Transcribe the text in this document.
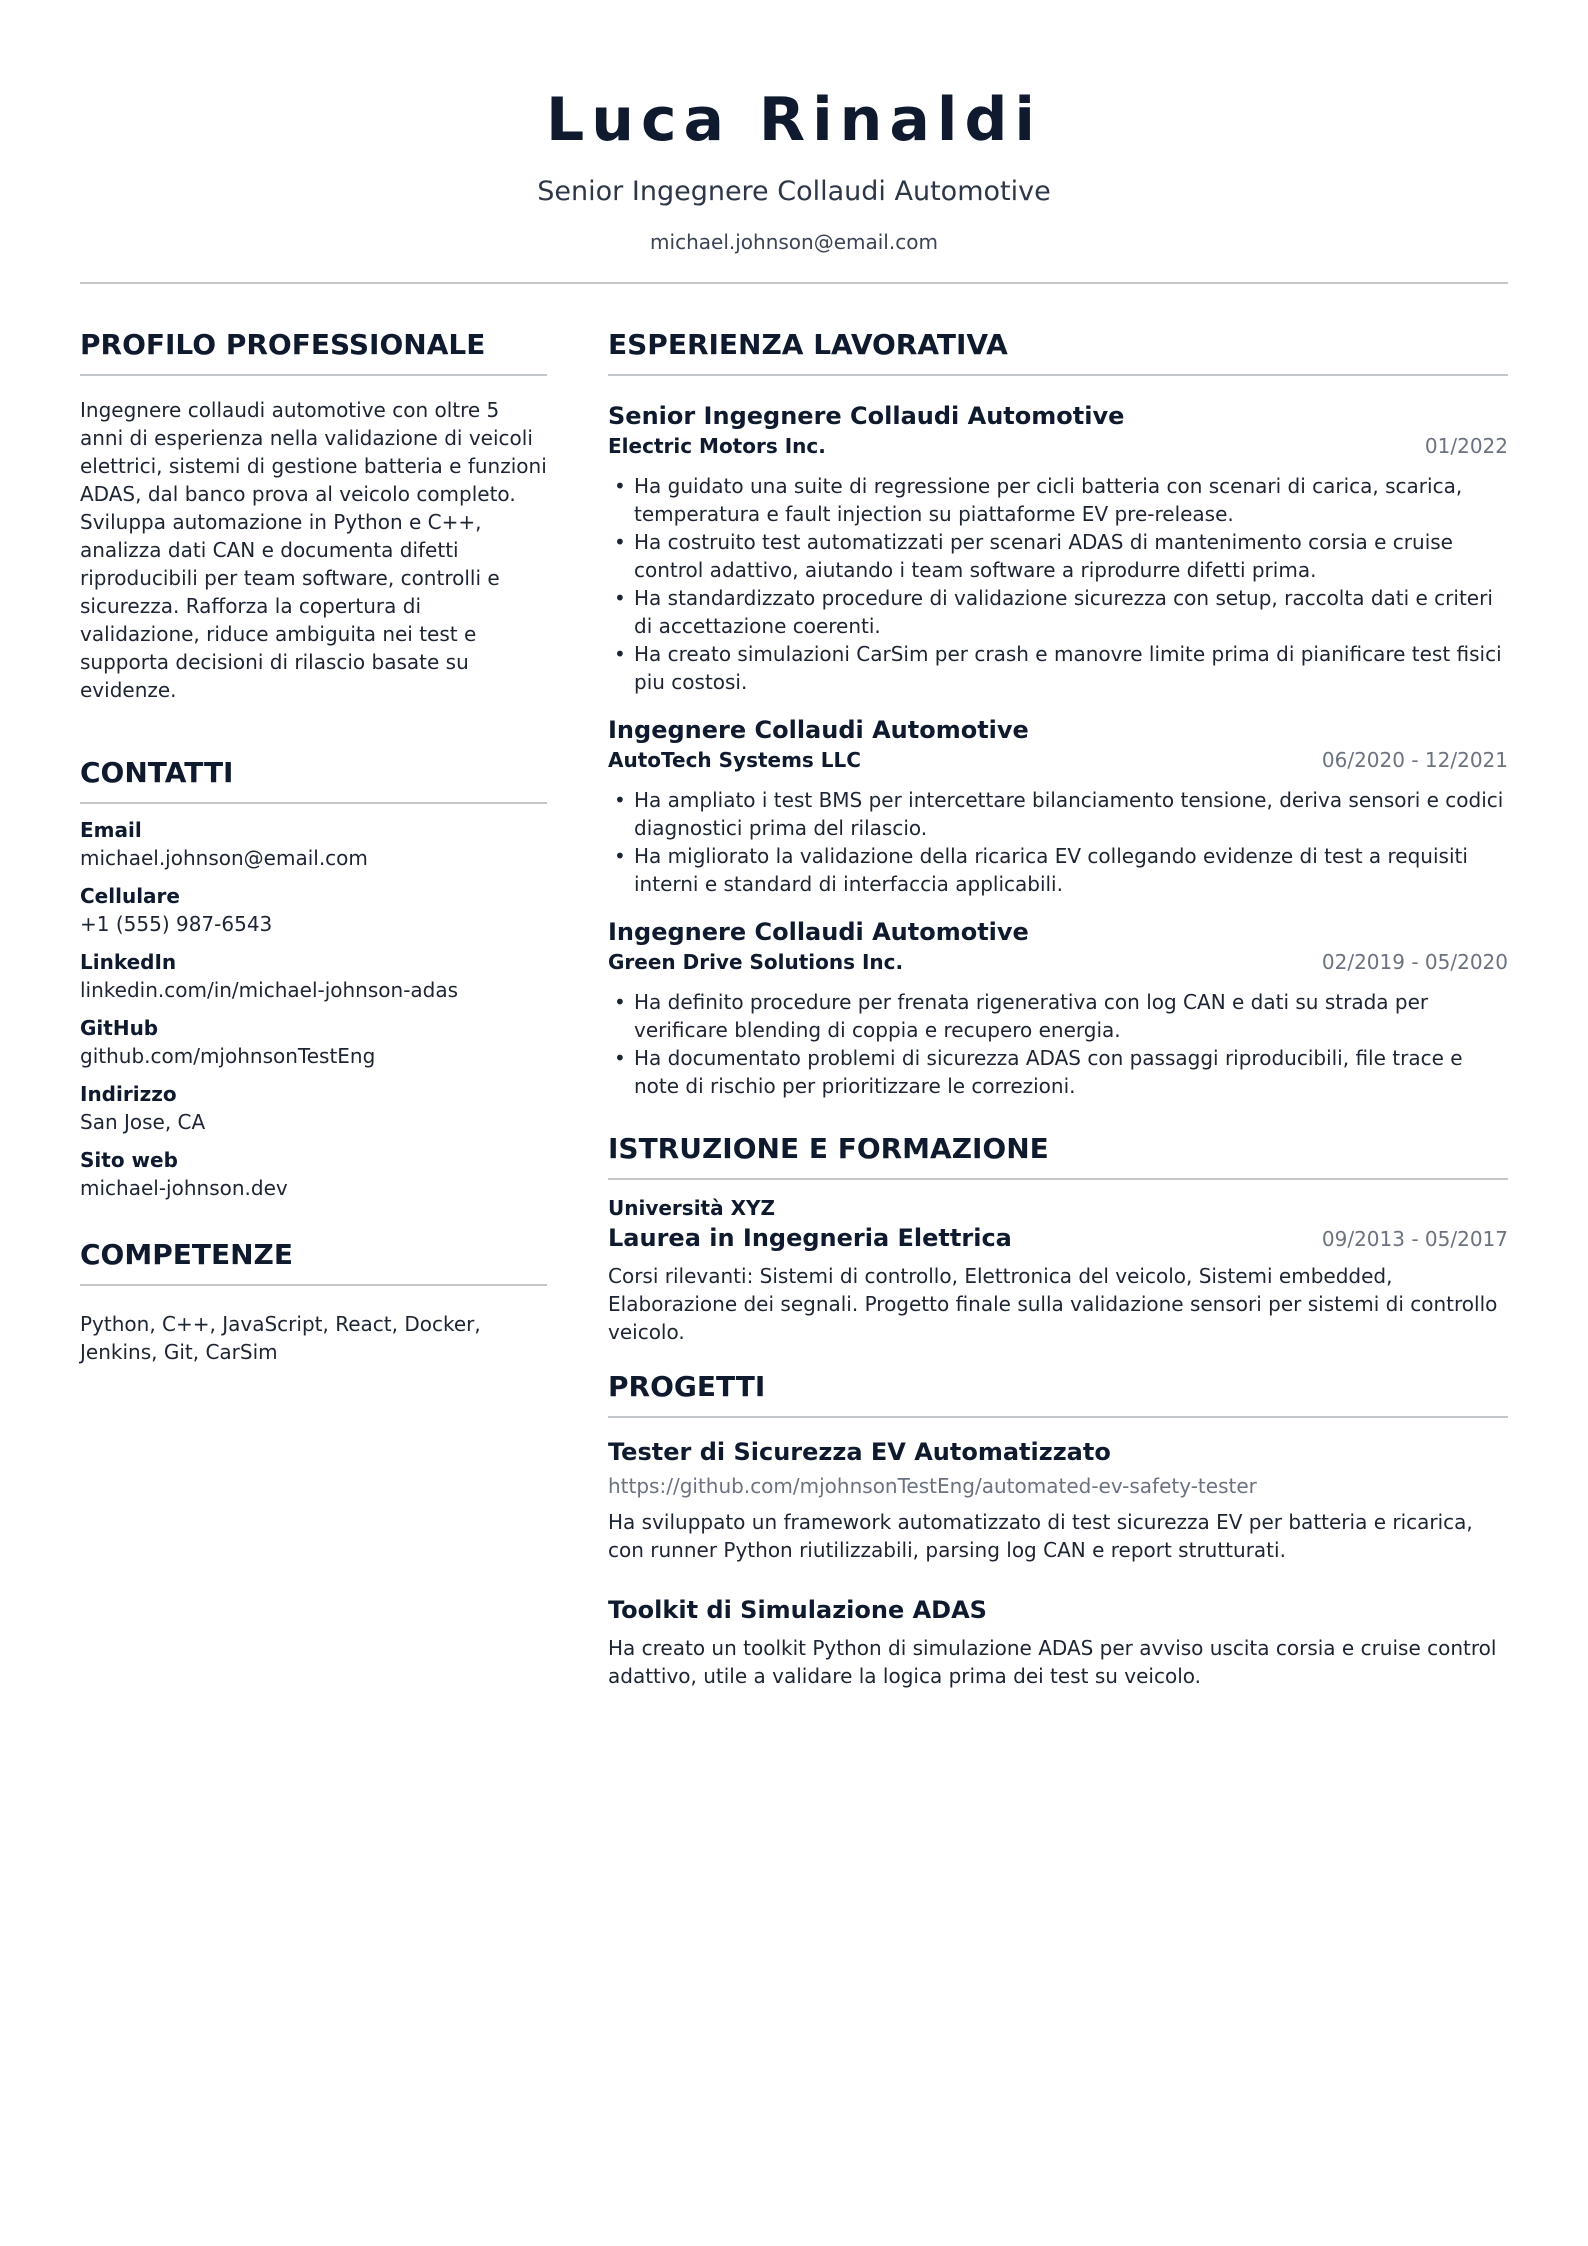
Luca Rinaldi
Senior Ingegnere Collaudi Automotive
michael.johnson@email.com
PROFILO PROFESSIONALE
Ingegnere collaudi automotive con oltre 5 anni di esperienza nella validazione di veicoli elettrici, sistemi di gestione batteria e funzioni ADAS, dal banco prova al veicolo completo. Sviluppa automazione in Python e C++, analizza dati CAN e documenta difetti riproducibili per team software, controlli e sicurezza. Rafforza la copertura di validazione, riduce ambiguita nei test e supporta decisioni di rilascio basate su evidenze.
CONTATTI
Email
michael.johnson@email.com
Cellulare
+1 (555) 987-6543
LinkedIn
linkedin.com/in/michael-johnson-adas
GitHub
github.com/mjohnsonTestEng
Indirizzo
San Jose, CA
Sito web
michael-johnson.dev
COMPETENZE
Python, C++, JavaScript, React, Docker, Jenkins, Git, CarSim
ESPERIENZA LAVORATIVA
Senior Ingegnere Collaudi Automotive
Electric Motors Inc.	01/2022
• Ha guidato una suite di regressione per cicli batteria con scenari di carica, scarica, temperatura e fault injection su piattaforme EV pre-release.
• Ha costruito test automatizzati per scenari ADAS di mantenimento corsia e cruise control adattivo, aiutando i team software a riprodurre difetti prima.
• Ha standardizzato procedure di validazione sicurezza con setup, raccolta dati e criteri di accettazione coerenti.
• Ha creato simulazioni CarSim per crash e manovre limite prima di pianificare test fisici piu costosi.
Ingegnere Collaudi Automotive
AutoTech Systems LLC	06/2020 - 12/2021
• Ha ampliato i test BMS per intercettare bilanciamento tensione, deriva sensori e codici diagnostici prima del rilascio.
• Ha migliorato la validazione della ricarica EV collegando evidenze di test a requisiti interni e standard di interfaccia applicabili.
Ingegnere Collaudi Automotive
Green Drive Solutions Inc.	02/2019 - 05/2020
• Ha definito procedure per frenata rigenerativa con log CAN e dati su strada per verificare blending di coppia e recupero energia.
• Ha documentato problemi di sicurezza ADAS con passaggi riproducibili, file trace e note di rischio per prioritizzare le correzioni.
ISTRUZIONE E FORMAZIONE
Università XYZ
Laurea in Ingegneria Elettrica	09/2013 - 05/2017
Corsi rilevanti: Sistemi di controllo, Elettronica del veicolo, Sistemi embedded, Elaborazione dei segnali. Progetto finale sulla validazione sensori per sistemi di controllo veicolo.
PROGETTI
Tester di Sicurezza EV Automatizzato
https://github.com/mjohnsonTestEng/automated-ev-safety-tester
Ha sviluppato un framework automatizzato di test sicurezza EV per batteria e ricarica, con runner Python riutilizzabili, parsing log CAN e report strutturati.
Toolkit di Simulazione ADAS
Ha creato un toolkit Python di simulazione ADAS per avviso uscita corsia e cruise control adattivo, utile a validare la logica prima dei test su veicolo.
